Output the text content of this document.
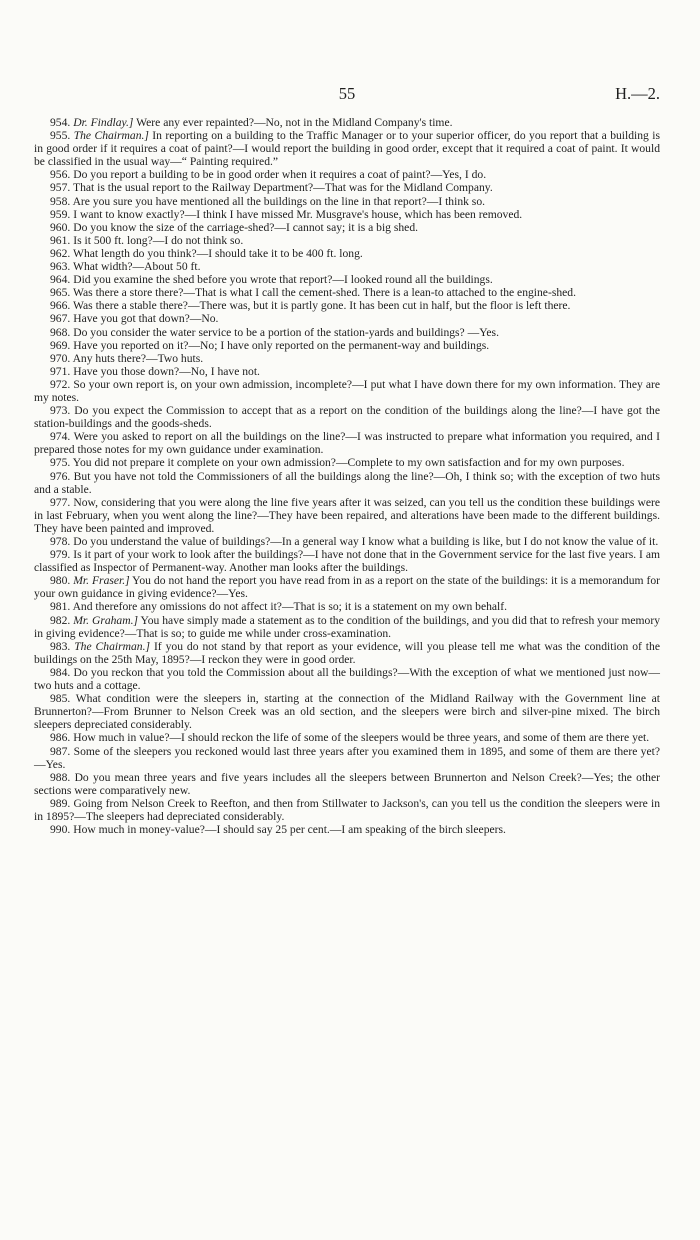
55	H.—2.

954. Dr. Findlay.] Were any ever repainted?—No, not in the Midland Company's time.

955. The Chairman.] In reporting on a building to the Traffic Manager or to your superior officer, do you report that a building is in good order if it requires a coat of paint?—I would report the building in good order, except that it required a coat of paint. It would be classified in the usual way—“ Painting required.”

956. Do you report a building to be in good order when it requires a coat of paint?—Yes, I do.

957. That is the usual report to the Railway Department?—That was for the Midland Company.

958. Are you sure you have mentioned all the buildings on the line in that report?—I think so.

959. I want to know exactly?—I think I have missed Mr. Musgrave's house, which has been removed.

960. Do you know the size of the carriage-shed?—I cannot say; it is a big shed.

961. Is it 500 ft. long?—I do not think so.

962. What length do you think?—I should take it to be 400 ft. long.

963. What width?—About 50 ft.

964. Did you examine the shed before you wrote that report?—I looked round all the buildings.

965. Was there a store there?—That is what I call the cement-shed. There is a lean-to attached to the engine-shed.

966. Was there a stable there?—There was, but it is partly gone. It has been cut in half, but the floor is left there.

967. Have you got that down?—No.

968. Do you consider the water service to be a portion of the station-yards and buildings? —Yes.

969. Have you reported on it?—No; I have only reported on the permanent-way and buildings.

970. Any huts there?—Two huts.

971. Have you those down?—No, I have not.

972. So your own report is, on your own admission, incomplete?—I put what I have down there for my own information. They are my notes.

973. Do you expect the Commission to accept that as a report on the condition of the buildings along the line?—I have got the station-buildings and the goods-sheds.

974. Were you asked to report on all the buildings on the line?—I was instructed to prepare what information you required, and I prepared those notes for my own guidance under examination.

975. You did not prepare it complete on your own admission?—Complete to my own satisfaction and for my own purposes.

976. But you have not told the Commissioners of all the buildings along the line?—Oh, I think so; with the exception of two huts and a stable.

977. Now, considering that you were along the line five years after it was seized, can you tell us the condition these buildings were in last February, when you went along the line?—They have been repaired, and alterations have been made to the different buildings. They have been painted and improved.

978. Do you understand the value of buildings?—In a general way I know what a building is like, but I do not know the value of it.

979. Is it part of your work to look after the buildings?—I have not done that in the Government service for the last five years. I am classified as Inspector of Permanent-way. Another man looks after the buildings.

980. Mr. Fraser.] You do not hand the report you have read from in as a report on the state of the buildings: it is a memorandum for your own guidance in giving evidence?—Yes.

981. And therefore any omissions do not affect it?—That is so; it is a statement on my own behalf.

982. Mr. Graham.] You have simply made a statement as to the condition of the buildings, and you did that to refresh your memory in giving evidence?—That is so; to guide me while under cross-examination.

983. The Chairman.] If you do not stand by that report as your evidence, will you please tell me what was the condition of the buildings on the 25th May, 1895?—I reckon they were in good order.

984. Do you reckon that you told the Commission about all the buildings?—With the exception of what we mentioned just now—two huts and a cottage.

985. What condition were the sleepers in, starting at the connection of the Midland Railway with the Government line at Brunnerton?—From Brunner to Nelson Creek was an old section, and the sleepers were birch and silver-pine mixed. The birch sleepers depreciated considerably.

986. How much in value?—I should reckon the life of some of the sleepers would be three years, and some of them are there yet.

987. Some of the sleepers you reckoned would last three years after you examined them in 1895, and some of them are there yet?—Yes.

988. Do you mean three years and five years includes all the sleepers between Brunnerton and Nelson Creek?—Yes; the other sections were comparatively new.

989. Going from Nelson Creek to Reefton, and then from Stillwater to Jackson's, can you tell us the condition the sleepers were in in 1895?—The sleepers had depreciated considerably.

990. How much in money-value?—I should say 25 per cent.—I am speaking of the birch sleepers.
